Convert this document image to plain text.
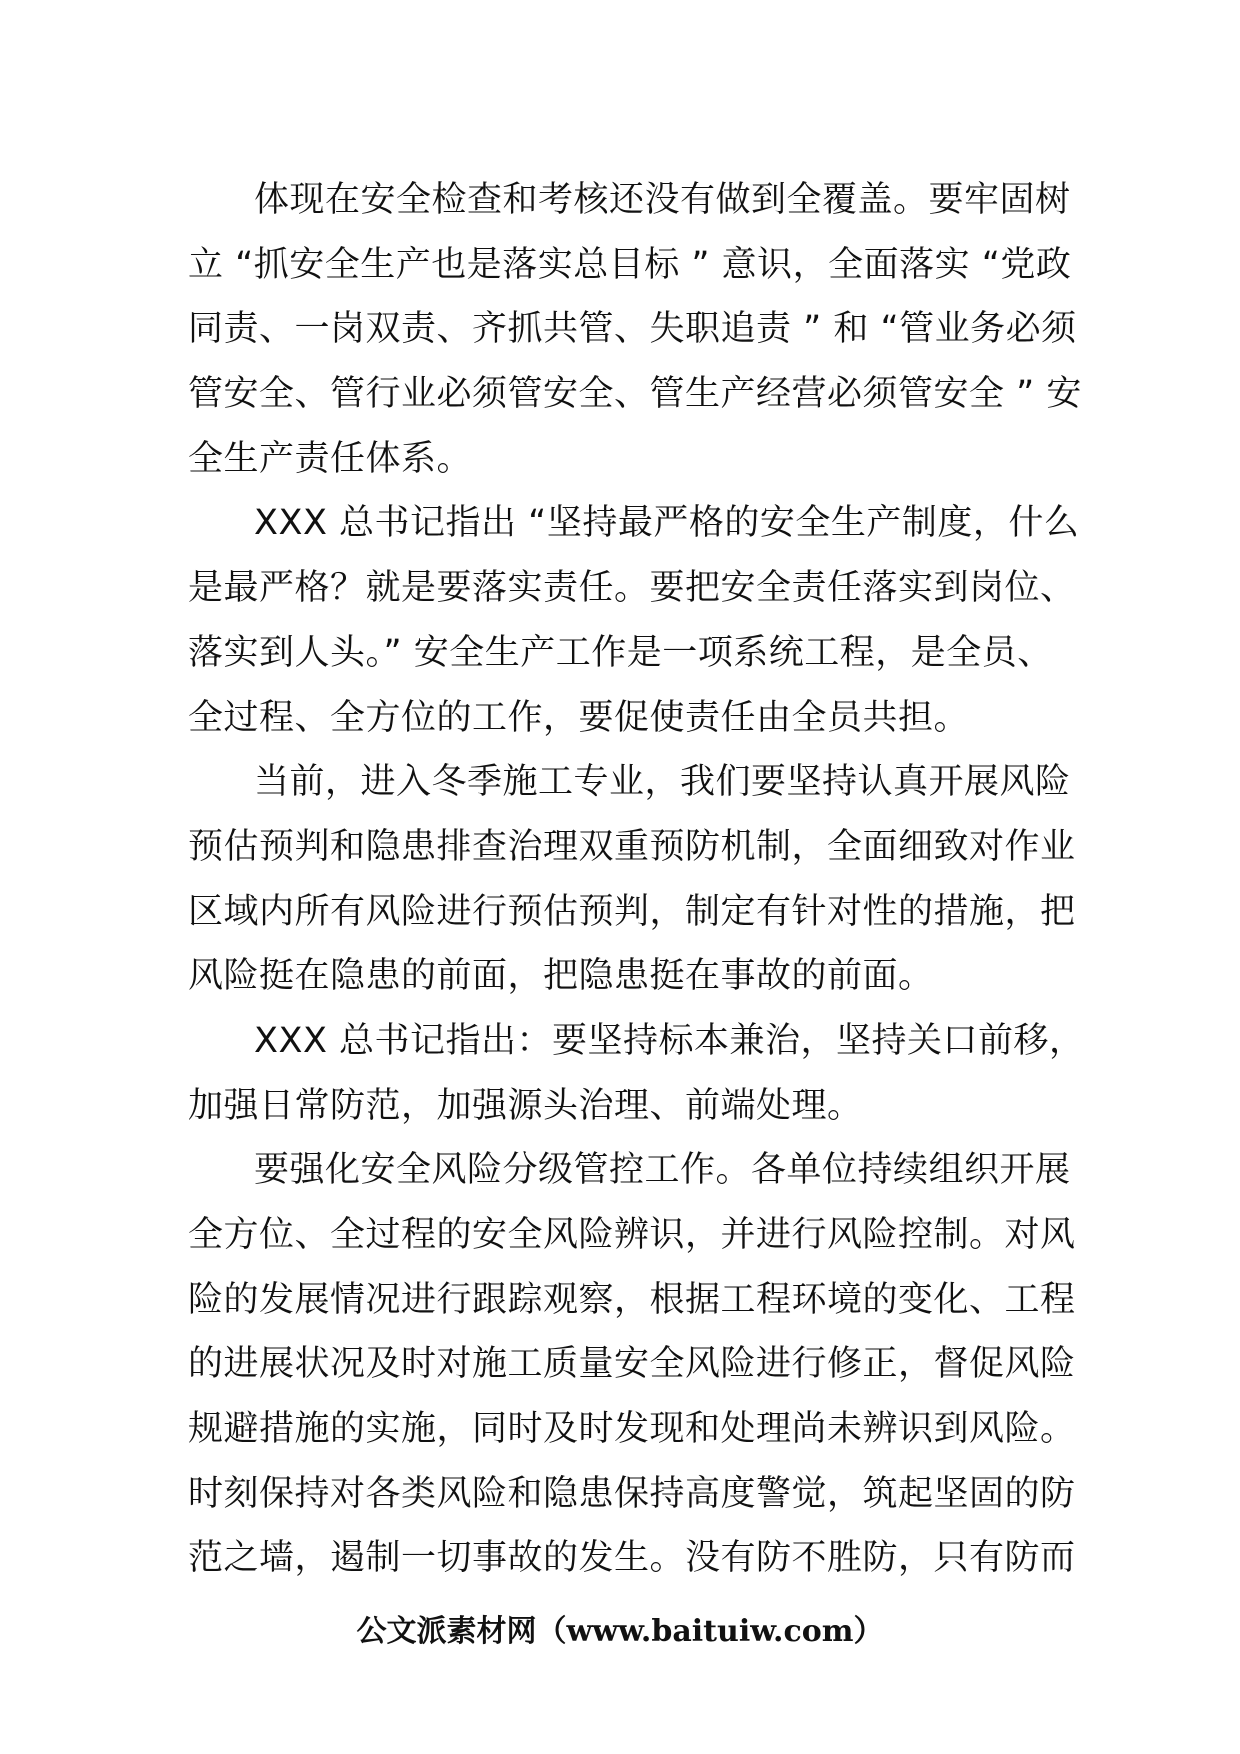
体现在安全检查和考核还没有做到全覆盖。要牢固树
立 “抓安全生产也是落实总目标 ” 意识，全面落实 “党政
同责、一岗双责、齐抓共管、失职追责 ” 和 “管业务必须
管安全、管行业必须管安全、管生产经营必须管安全 ” 安
全生产责任体系。
XXX 总书记指出 “坚持最严格的安全生产制度，什么
是最严格？就是要落实责任。要把安全责任落实到岗位、
落实到人头。” 安全生产工作是一项系统工程，是全员、
全过程、全方位的工作，要促使责任由全员共担。
当前，进入冬季施工专业，我们要坚持认真开展风险
预估预判和隐患排查治理双重预防机制，全面细致对作业
区域内所有风险进行预估预判，制定有针对性的措施，把
风险挺在隐患的前面，把隐患挺在事故的前面。
XXX 总书记指出：要坚持标本兼治，坚持关口前移，
加强日常防范，加强源头治理、前端处理。
要强化安全风险分级管控工作。各单位持续组织开展
全方位、全过程的安全风险辨识，并进行风险控制。对风
险的发展情况进行跟踪观察，根据工程环境的变化、工程
的进展状况及时对施工质量安全风险进行修正，督促风险
规避措施的实施，同时及时发现和处理尚未辨识到风险。
时刻保持对各类风险和隐患保持高度警觉，筑起坚固的防
范之墙，遏制一切事故的发生。没有防不胜防，只有防而
公文派素材网（www.baituiw.com）
